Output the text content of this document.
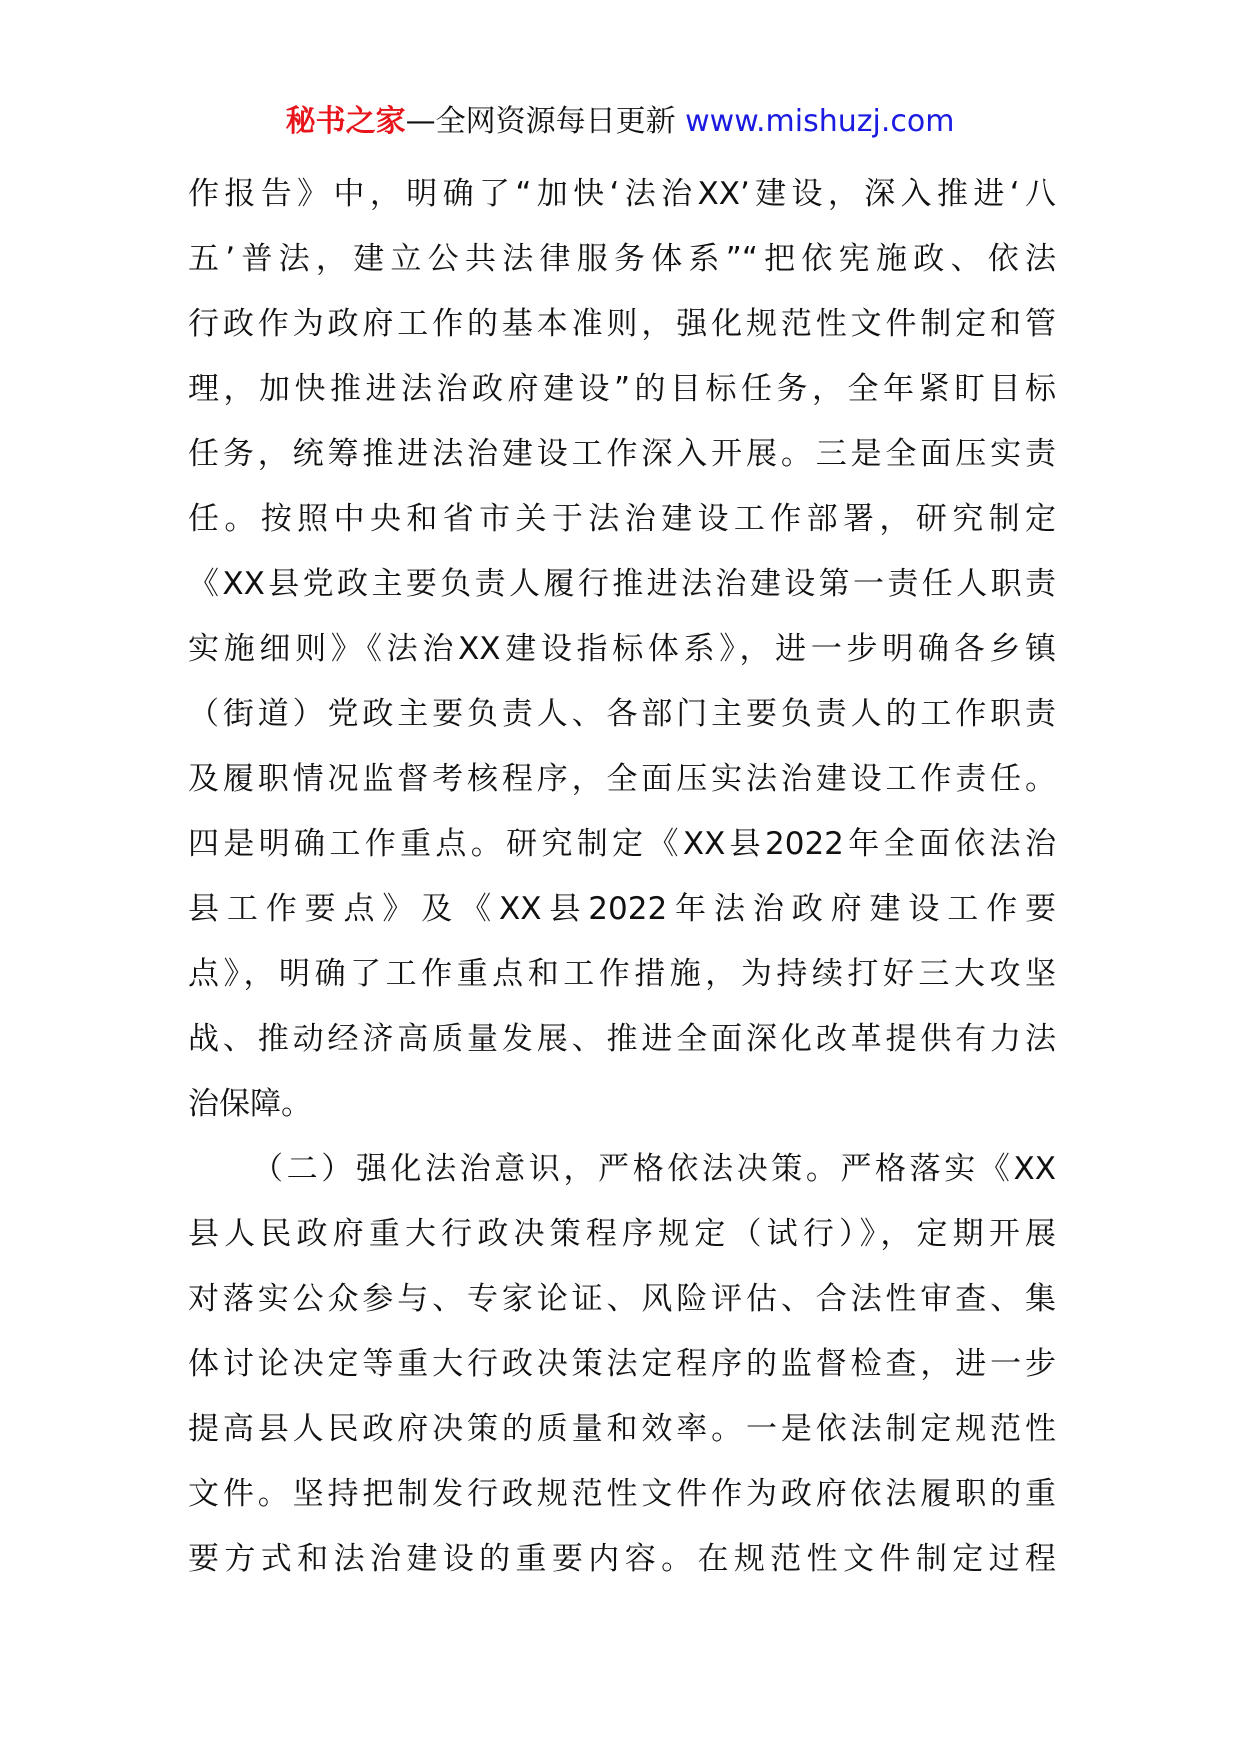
秘书之家—全网资源每日更新 www.mishuzj.com
作报告》中，明确了“加快‘法治XX’建设，深入推进‘八
五’普法，建立公共法律服务体系”“把依宪施政、依法
行政作为政府工作的基本准则，强化规范性文件制定和管
理，加快推进法治政府建设”的目标任务，全年紧盯目标
任务，统筹推进法治建设工作深入开展。三是全面压实责
任。按照中央和省市关于法治建设工作部署，研究制定
《XX县党政主要负责人履行推进法治建设第一责任人职责
实施细则》《法治XX建设指标体系》，进一步明确各乡镇
（街道）党政主要负责人、各部门主要负责人的工作职责
及履职情况监督考核程序，全面压实法治建设工作责任。
四是明确工作重点。研究制定《XX县2022年全面依法治
县工作要点》及《XX县2022年法治政府建设工作要
点》，明确了工作重点和工作措施，为持续打好三大攻坚
战、推动经济高质量发展、推进全面深化改革提供有力法
治保障。
（二）强化法治意识，严格依法决策。严格落实《XX
县人民政府重大行政决策程序规定（试行）》，定期开展
对落实公众参与、专家论证、风险评估、合法性审查、集
体讨论决定等重大行政决策法定程序的监督检查，进一步
提高县人民政府决策的质量和效率。一是依法制定规范性
文件。坚持把制发行政规范性文件作为政府依法履职的重
要方式和法治建设的重要内容。在规范性文件制定过程
